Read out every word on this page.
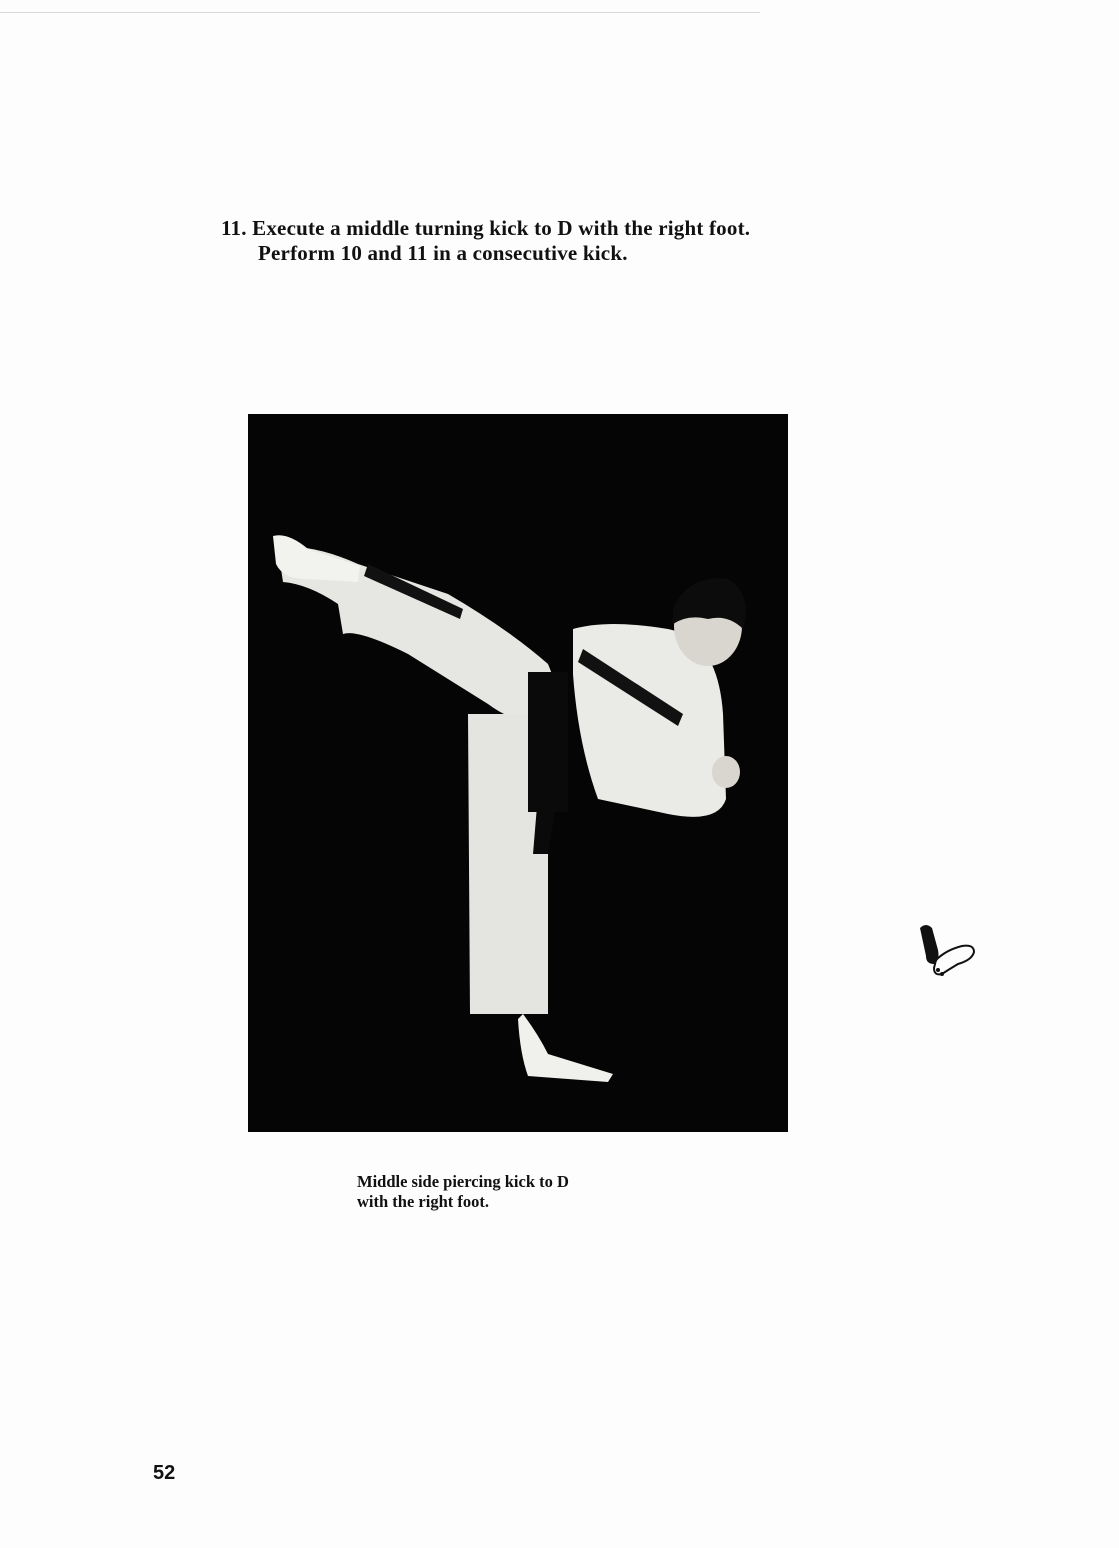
11. Execute a middle turning kick to D with the right foot.
Perform 10 and 11 in a consecutive kick.
Middle side piercing kick to D
with the right foot.
52
